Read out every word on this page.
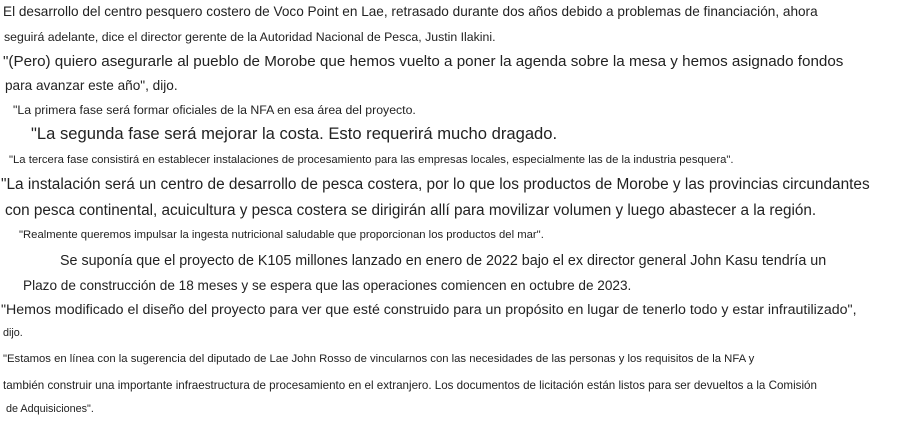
El desarrollo del centro pesquero costero de Voco Point en Lae, retrasado durante dos años debido a problemas de financiación, ahora
seguirá adelante, dice el director gerente de la Autoridad Nacional de Pesca, Justin Ilakini.
"(Pero) quiero asegurarle al pueblo de Morobe que hemos vuelto a poner la agenda sobre la mesa y hemos asignado fondos
para avanzar este año", dijo.
"La primera fase será formar oficiales de la NFA en esa área del proyecto.
"La segunda fase será mejorar la costa. Esto requerirá mucho dragado.
"La tercera fase consistirá en establecer instalaciones de procesamiento para las empresas locales, especialmente las de la industria pesquera".
"La instalación será un centro de desarrollo de pesca costera, por lo que los productos de Morobe y las provincias circundantes
con pesca continental, acuicultura y pesca costera se dirigirán allí para movilizar volumen y luego abastecer a la región.
"Realmente queremos impulsar la ingesta nutricional saludable que proporcionan los productos del mar".
Se suponía que el proyecto de K105 millones lanzado en enero de 2022 bajo el ex director general John Kasu tendría un
Plazo de construcción de 18 meses y se espera que las operaciones comiencen en octubre de 2023.
"Hemos modificado el diseño del proyecto para ver que esté construido para un propósito en lugar de tenerlo todo y estar infrautilizado",
dijo.
"Estamos en línea con la sugerencia del diputado de Lae John Rosso de vincularnos con las necesidades de las personas y los requisitos de la NFA y
también construir una importante infraestructura de procesamiento en el extranjero. Los documentos de licitación están listos para ser devueltos a la Comisión
de Adquisiciones".
